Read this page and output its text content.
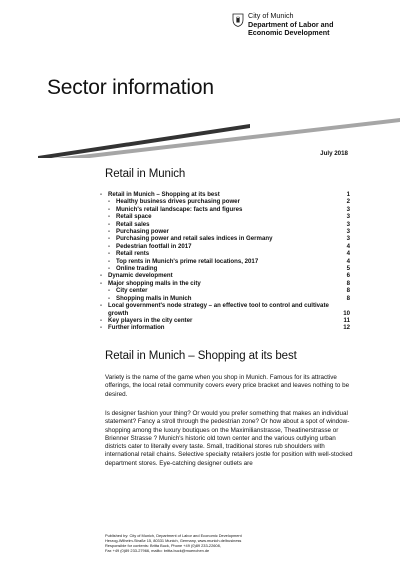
City of Munich
Department of Labor and
Economic Development
Sector information
July 2018
Retail in Munich
- Retail in Munich – Shopping at its best	1
- Healthy business drives purchasing power	2
- Munich's retail landscape: facts and figures	3
- Retail space	3
- Retail sales	3
- Purchasing power	3
- Purchasing power and retail sales indices in Germany	3
- Pedestrian footfall in 2017	4
- Retail rents	4
- Top rents in Munich's prime retail locations, 2017	4
- Online trading	5
- Dynamic development	6
- Major shopping malls in the city	8
- City center	8
- Shopping malls in Munich	8
- Local government's node strategy – an effective tool to control and cultivate growth	10
- Key players in the city center	11
- Further information	12
Retail in Munich – Shopping at its best

Variety is the name of the game when you shop in Munich. Famous for its attractive offerings, the local retail community covers every price bracket and leaves nothing to be desired.

Is designer fashion your thing? Or would you prefer something that makes an individual statement? Fancy a stroll through the pedestrian zone? Or how about a spot of window-shopping among the luxury boutiques on the Maximilianstrasse, Theatinerstrasse or Brienner Strasse ? Munich's historic old town center and the various outlying urban districts cater to literally every taste. Small, traditional stores rub shoulders with international retail chains. Selective specialty retailers jostle for position with well-stocked department stores. Eye-catching designer outlets are

Published by: City of Munich, Department of Labor and Economic Development
Herzog-Wilhelm-Straße 15, 80331 Munich, Germany, www.munich.de/business
Responsible for contents: Britta Buck, Phone +49 (0)89 233-22608,
Fax +49 (0)89 233-27966, mailto: britta.buck@muenchen.de
